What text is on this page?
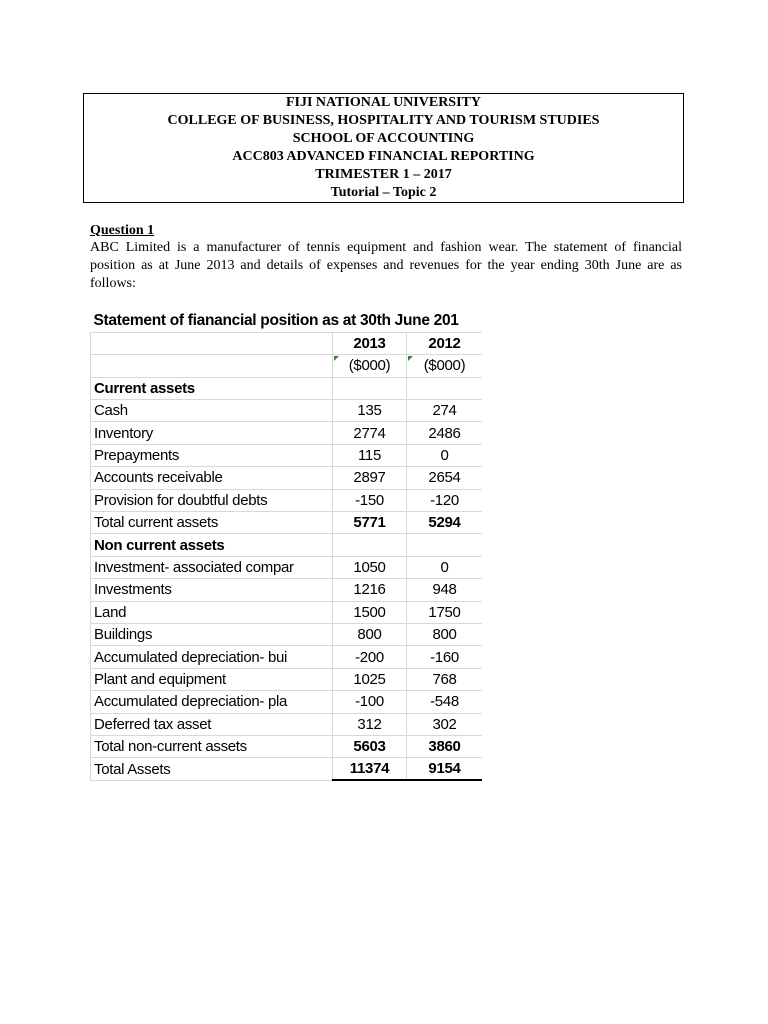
FIJI NATIONAL UNIVERSITY
COLLEGE OF BUSINESS, HOSPITALITY AND TOURISM STUDIES
SCHOOL OF ACCOUNTING
ACC803 ADVANCED FINANCIAL REPORTING
TRIMESTER 1 – 2017
Tutorial – Topic 2
Question 1
ABC Limited is a manufacturer of tennis equipment and fashion wear. The statement of financial position as at June 2013 and details of expenses and revenues for the year ending 30th June are as follows:
Statement of fianancial position as at 30th June 201		
	2013	2012
	($000)	($000)
Current assets		
Cash	135	274
Inventory	2774	2486
Prepayments	115	0
Accounts receivable	2897	2654
Provision for doubtful debts	-150	-120
Total current assets	5771	5294
Non current assets		
Investment- associated compar	1050	0
Investments	1216	948
Land	1500	1750
Buildings	800	800
Accumulated depreciation- bui	-200	-160
Plant and equipment	1025	768
Accumulated depreciation- pla	-100	-548
Deferred tax asset	312	302
Total non-current assets	5603	3860
Total Assets	11374	9154
